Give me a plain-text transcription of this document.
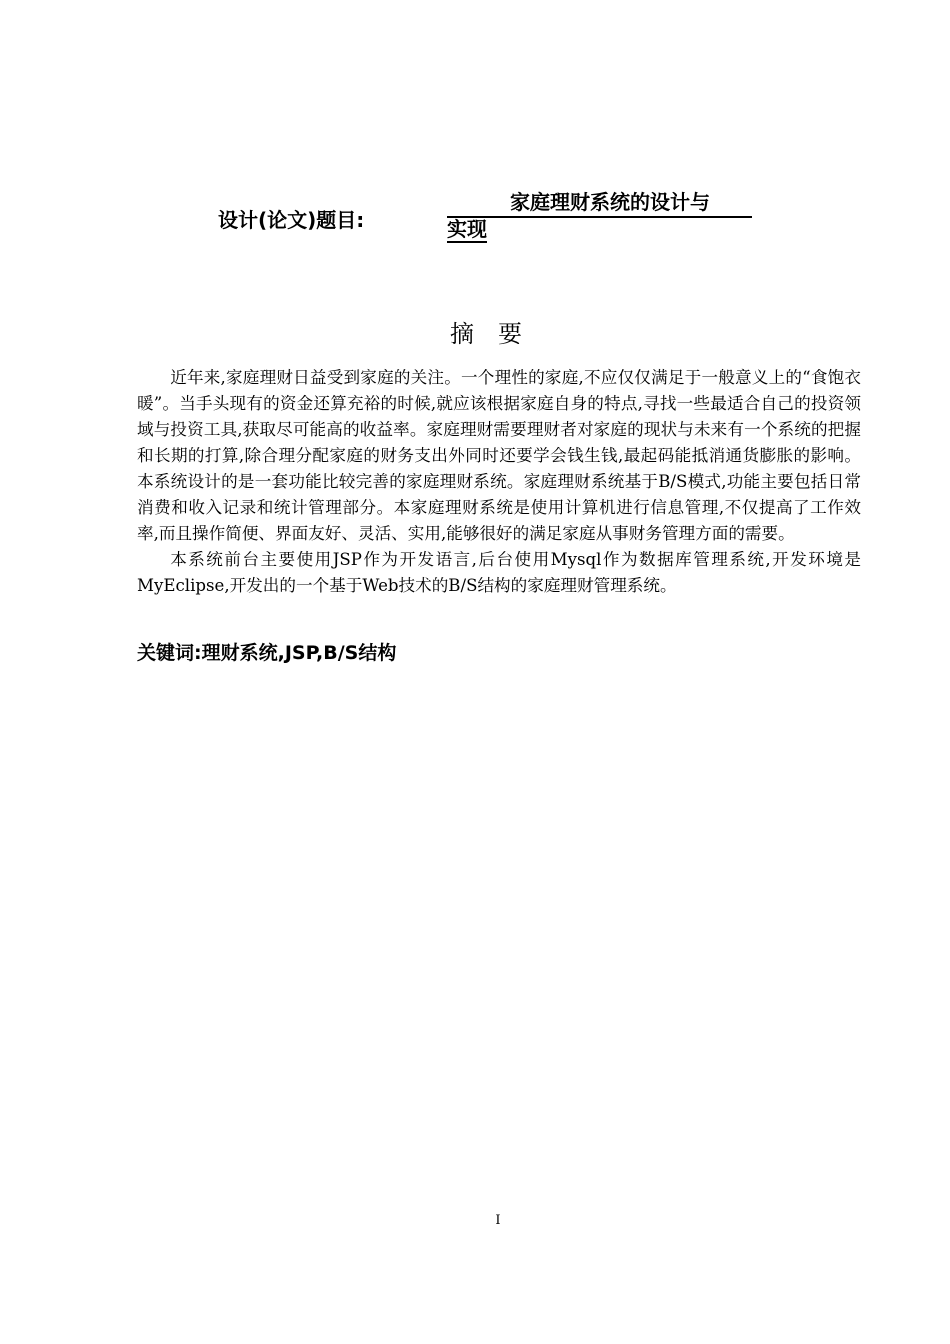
设计(论文)题目:
家庭理财系统的设计与
实现
摘要

近年来,家庭理财日益受到家庭的关注。一个理性的家庭,不应仅仅满足于一般意义上的“食饱衣暖”。当手头现有的资金还算充裕的时候,就应该根据家庭自身的特点,寻找一些最适合自己的投资领域与投资工具,获取尽可能高的收益率。家庭理财需要理财者对家庭的现状与未来有一个系统的把握和长期的打算,除合理分配家庭的财务支出外同时还要学会钱生钱,最起码能抵消通货膨胀的影响。本系统设计的是一套功能比较完善的家庭理财系统。家庭理财系统基于B/S模式,功能主要包括日常消费和收入记录和统计管理部分。本家庭理财系统是使用计算机进行信息管理,不仅提高了工作效率,而且操作简便、界面友好、灵活、实用,能够很好的满足家庭从事财务管理方面的需要。

本系统前台主要使用JSP作为开发语言,后台使用Mysql作为数据库管理系统,开发环境是MyEclipse,开发出的一个基于Web技术的B/S结构的家庭理财管理系统。

关键词:理财系统,JSP,B/S结构
I
